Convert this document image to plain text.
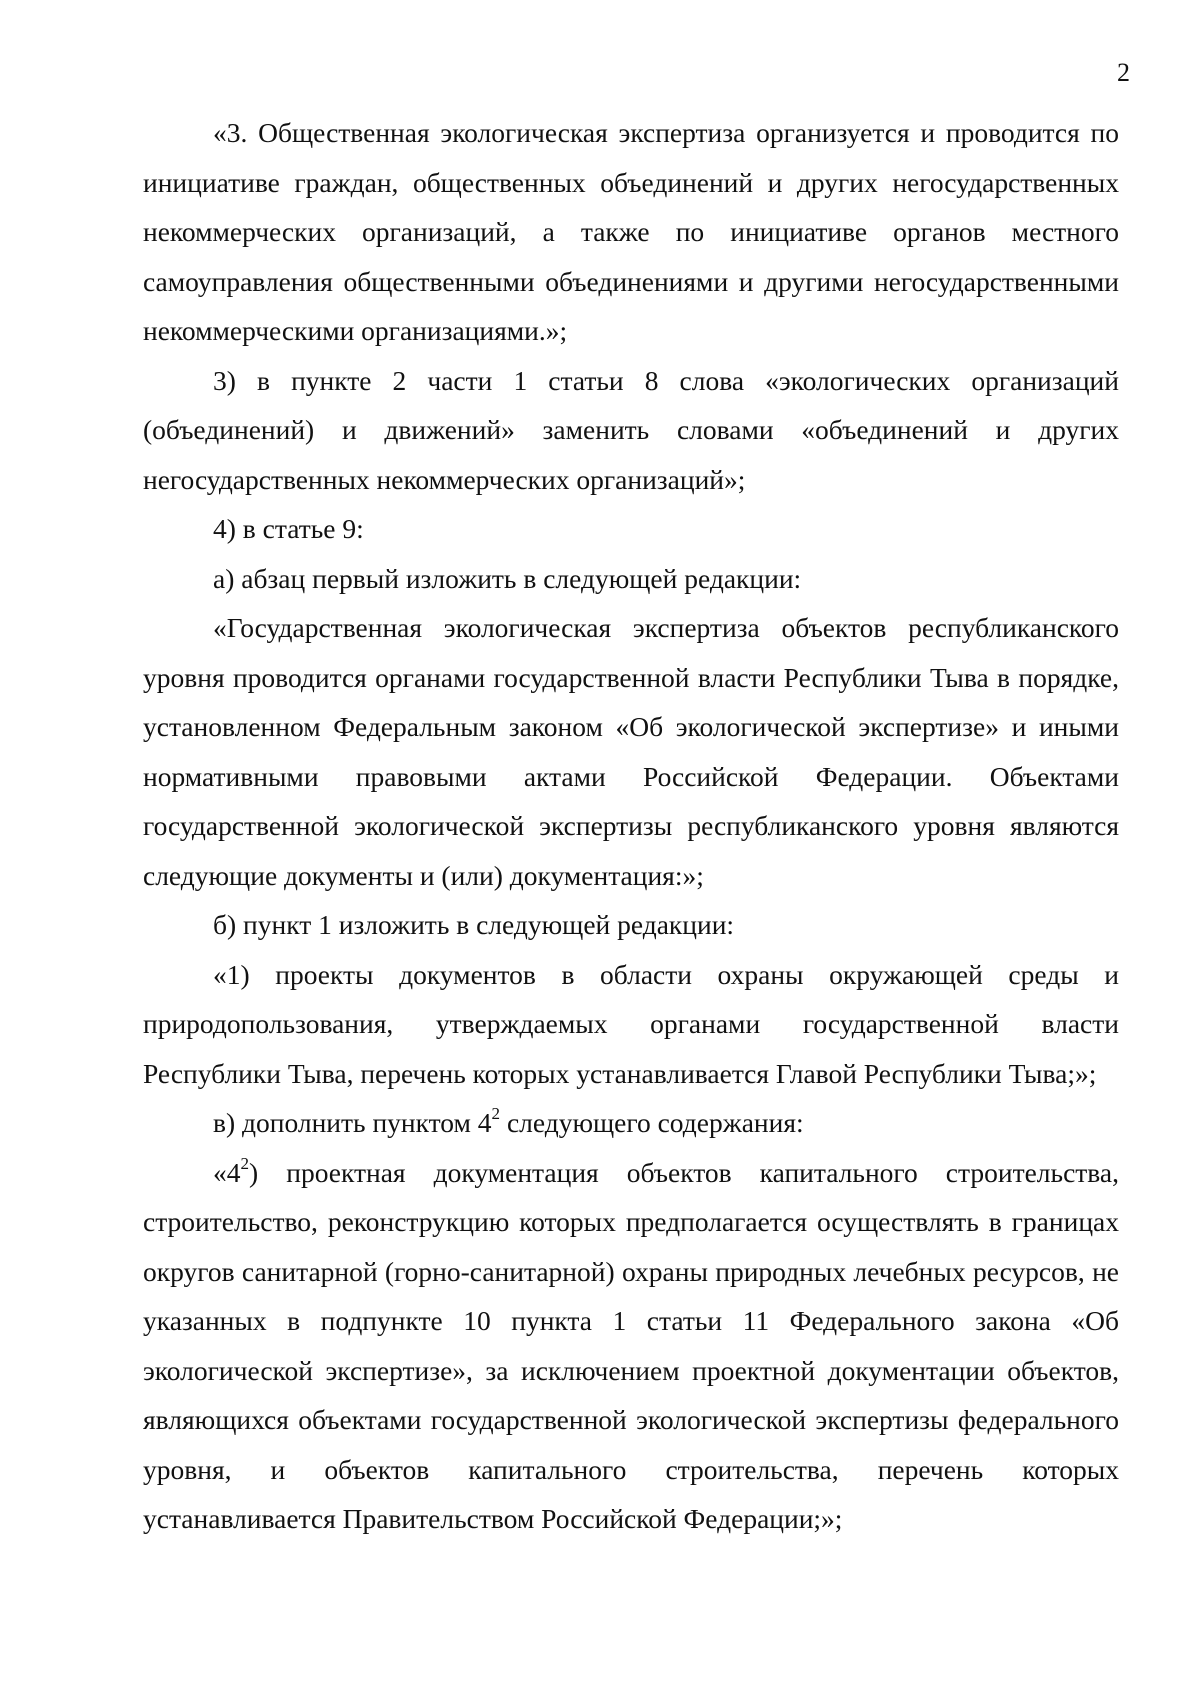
2

«3. Общественная экологическая экспертиза организуется и проводится по инициативе граждан, общественных объединений и других негосударственных некоммерческих организаций, а также по инициативе органов местного самоуправления общественными объединениями и другими негосударственными некоммерческими организациями.»;

3) в пункте 2 части 1 статьи 8 слова «экологических организаций (объединений) и движений» заменить словами «объединений и других негосударственных некоммерческих организаций»;

4) в статье 9:

а) абзац первый изложить в следующей редакции:

«Государственная экологическая экспертиза объектов республиканского уровня проводится органами государственной власти Республики Тыва в порядке, установленном Федеральным законом «Об экологической экспертизе» и иными нормативными правовыми актами Российской Федерации. Объектами государственной экологической экспертизы республиканского уровня являются следующие документы и (или) документация:»;

б) пункт 1 изложить в следующей редакции:

«1) проекты документов в области охраны окружающей среды и природопользования, утверждаемых органами государственной власти Республики Тыва, перечень которых устанавливается Главой Республики Тыва;»;

в) дополнить пунктом $4^2$ следующего содержания:

«$4^2$) проектная документация объектов капитального строительства, строительство, реконструкцию которых предполагается осуществлять в границах округов санитарной (горно-санитарной) охраны природных лечебных ресурсов, не указанных в подпункте 10 пункта 1 статьи 11 Федерального закона «Об экологической экспертизе», за исключением проектной документации объектов, являющихся объектами государственной экологической экспертизы федерального уровня, и объектов капитального строительства, перечень которых устанавливается Правительством Российской Федерации;»;
